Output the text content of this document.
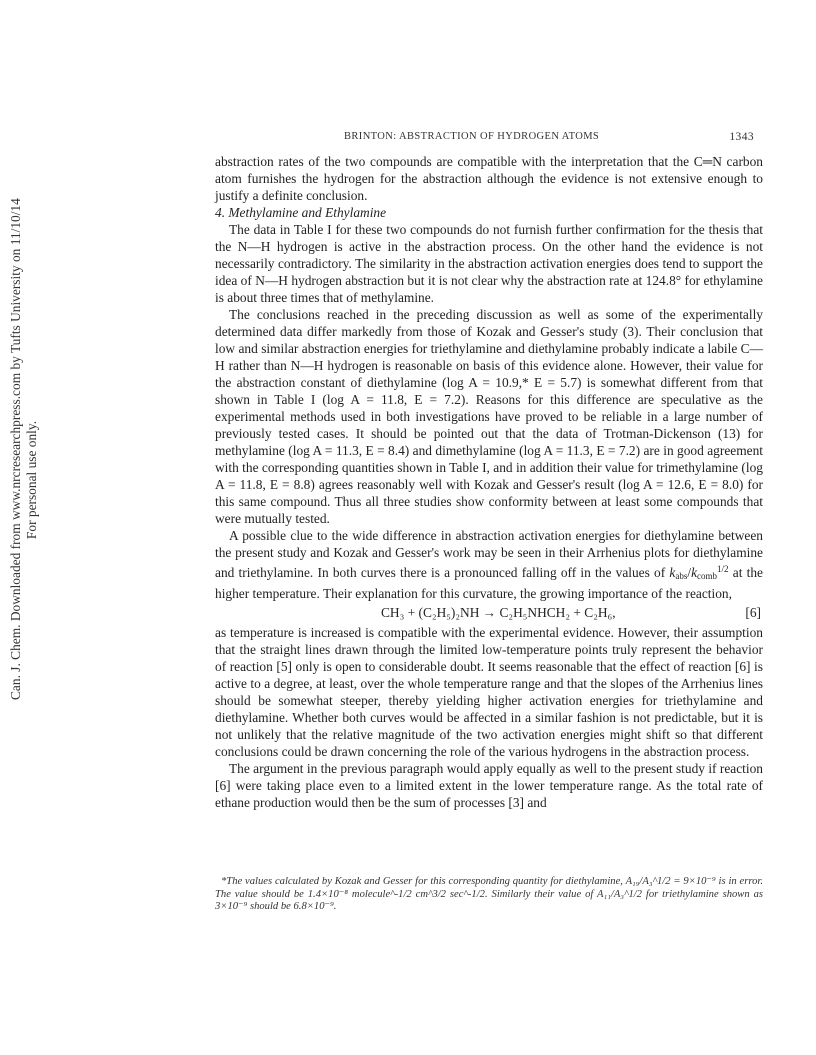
Can. J. Chem. Downloaded from www.nrcresearchpress.com by Tufts University on 11/10/14 For personal use only.
BRINTON: ABSTRACTION OF HYDROGEN ATOMS	1343

abstraction rates of the two compounds are compatible with the interpretation that the C═N carbon atom furnishes the hydrogen for the abstraction although the evidence is not extensive enough to justify a definite conclusion.

4. Methylamine and Ethylamine

The data in Table I for these two compounds do not furnish further confirmation for the thesis that the N—H hydrogen is active in the abstraction process. On the other hand the evidence is not necessarily contradictory. The similarity in the abstraction activation energies does tend to support the idea of N—H hydrogen abstraction but it is not clear why the abstraction rate at 124.8° for ethylamine is about three times that of methylamine.

The conclusions reached in the preceding discussion as well as some of the experimentally determined data differ markedly from those of Kozak and Gesser's study (3). Their conclusion that low and similar abstraction energies for triethylamine and diethylamine probably indicate a labile C—H rather than N—H hydrogen is reasonable on basis of this evidence alone. However, their value for the abstraction constant of diethylamine (log A = 10.9,* E = 5.7) is somewhat different from that shown in Table I (log A = 11.8, E = 7.2). Reasons for this difference are speculative as the experimental methods used in both investigations have proved to be reliable in a large number of previously tested cases. It should be pointed out that the data of Trotman-Dickenson (13) for methylamine (log A = 11.3, E = 8.4) and dimethylamine (log A = 11.3, E = 7.2) are in good agreement with the corresponding quantities shown in Table I, and in addition their value for trimethylamine (log A = 11.8, E = 8.8) agrees reasonably well with Kozak and Gesser's result (log A = 12.6, E = 8.0) for this same compound. Thus all three studies show conformity between at least some compounds that were mutually tested.

A possible clue to the wide difference in abstraction activation energies for diethylamine between the present study and Kozak and Gesser's work may be seen in their Arrhenius plots for diethylamine and triethylamine. In both curves there is a pronounced falling off in the values of $k_{abs}/k_{comb}^{1/2}$ at the higher temperature. Their explanation for this curvature, the growing importance of the reaction,

CH₃ + (C₂H₅)₂NH → C₂H₅NHCH₂ + C₂H₆,	[6]

as temperature is increased is compatible with the experimental evidence. However, their assumption that the straight lines drawn through the limited low-temperature points truly represent the behavior of reaction [5] only is open to considerable doubt. It seems reasonable that the effect of reaction [6] is active to a degree, at least, over the whole temperature range and that the slopes of the Arrhenius lines should be somewhat steeper, thereby yielding higher activation energies for triethylamine and diethylamine. Whether both curves would be affected in a similar fashion is not predictable, but it is not unlikely that the relative magnitude of the two activation energies might shift so that different conclusions could be drawn concerning the role of the various hydrogens in the abstraction process.

The argument in the previous paragraph would apply equally as well to the present study if reaction [6] were taking place even to a limited extent in the lower temperature range. As the total rate of ethane production would then be the sum of processes [3] and

*The values calculated by Kozak and Gesser for this corresponding quantity for diethylamine, A₁₉/A₃^1/2 = 9×10⁻⁹ is in error. The value should be 1.4×10⁻⁸ molecule^-1/2 cm^3/2 sec^-1/2. Similarly their value of A₁₁/A₃^1/2 for triethylamine shown as 3×10⁻⁹ should be 6.8×10⁻⁹.
